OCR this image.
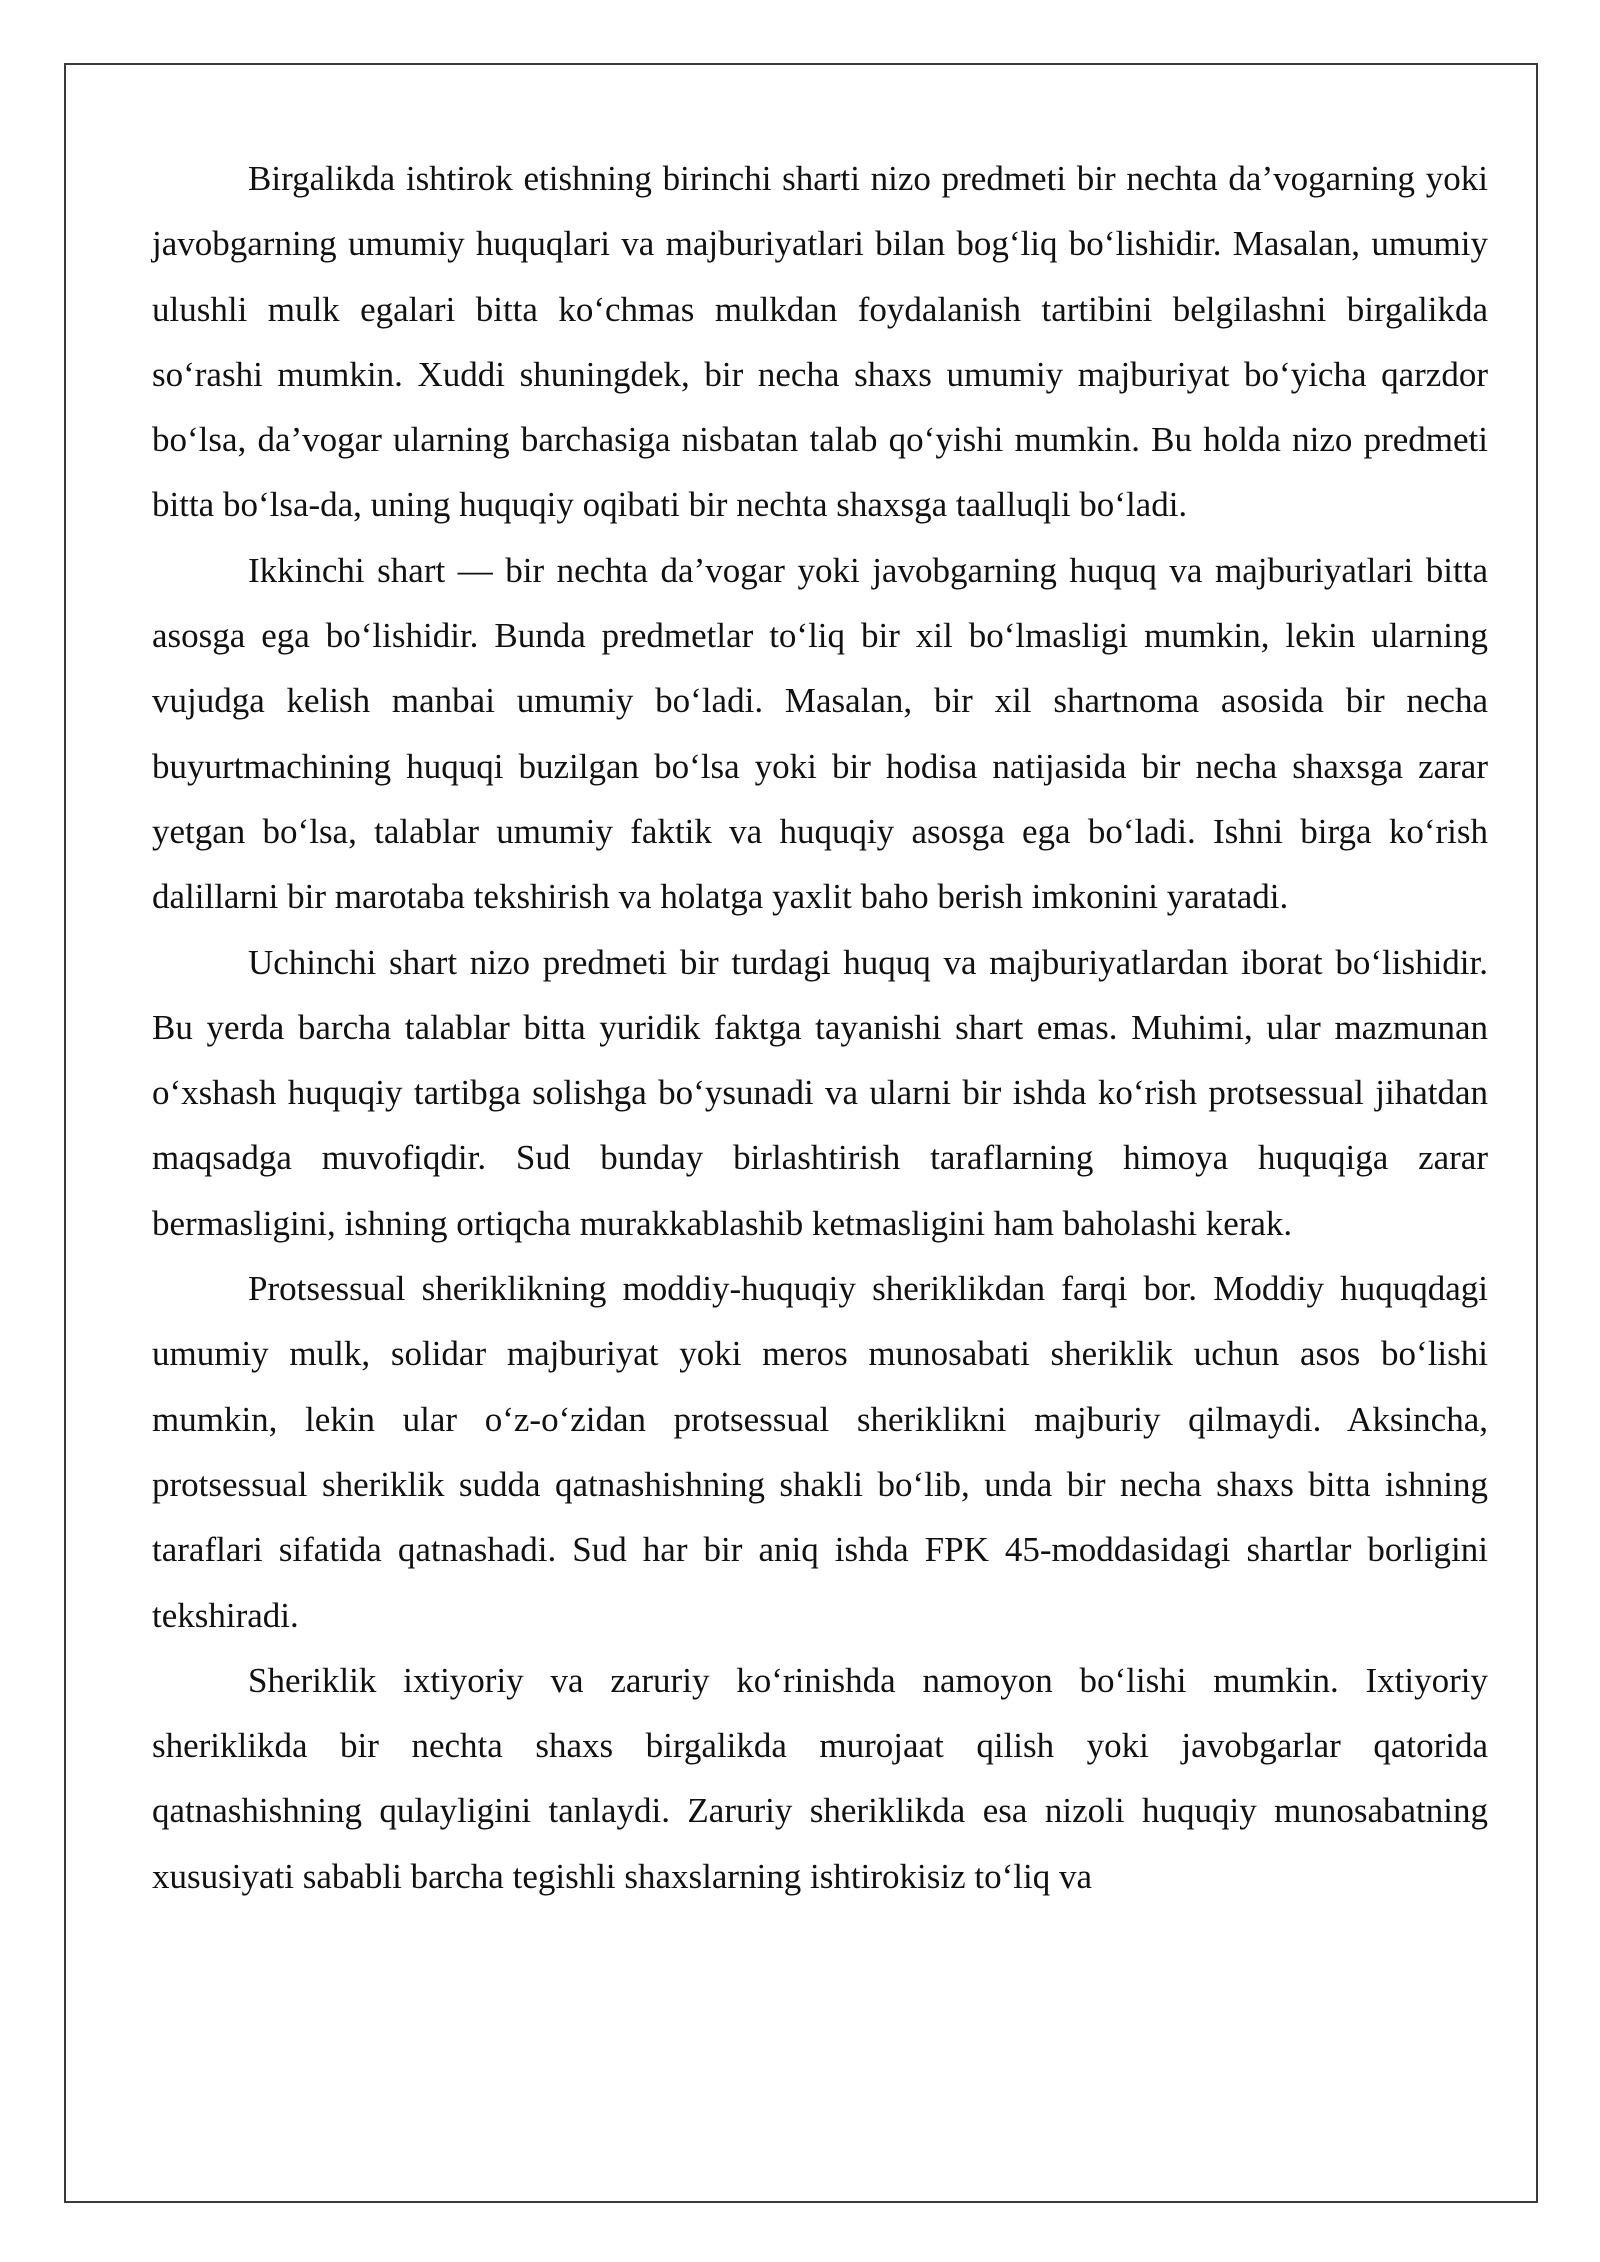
Birgalikda ishtirok etishning birinchi sharti nizo predmeti bir nechta da’vogarning yoki javobgarning umumiy huquqlari va majburiyatlari bilan bog‘liq bo‘lishidir. Masalan, umumiy ulushli mulk egalari bitta ko‘chmas mulkdan foydalanish tartibini belgilashni birgalikda so‘rashi mumkin. Xuddi shuningdek, bir necha shaxs umumiy majburiyat bo‘yicha qarzdor bo‘lsa, da’vogar ularning barchasiga nisbatan talab qo‘yishi mumkin. Bu holda nizo predmeti bitta bo‘lsa-da, uning huquqiy oqibati bir nechta shaxsga taalluqli bo‘ladi.

Ikkinchi shart — bir nechta da’vogar yoki javobgarning huquq va majburiyatlari bitta asosga ega bo‘lishidir. Bunda predmetlar to‘liq bir xil bo‘lmasligi mumkin, lekin ularning vujudga kelish manbai umumiy bo‘ladi. Masalan, bir xil shartnoma asosida bir necha buyurtmachining huquqi buzilgan bo‘lsa yoki bir hodisa natijasida bir necha shaxsga zarar yetgan bo‘lsa, talablar umumiy faktik va huquqiy asosga ega bo‘ladi. Ishni birga ko‘rish dalillarni bir marotaba tekshirish va holatga yaxlit baho berish imkonini yaratadi.

Uchinchi shart nizo predmeti bir turdagi huquq va majburiyatlardan iborat bo‘lishidir. Bu yerda barcha talablar bitta yuridik faktga tayanishi shart emas. Muhimi, ular mazmunan o‘xshash huquqiy tartibga solishga bo‘ysunadi va ularni bir ishda ko‘rish protsessual jihatdan maqsadga muvofiqdir. Sud bunday birlashtirish taraflarning himoya huquqiga zarar bermasligini, ishning ortiqcha murakkablashib ketmasligini ham baholashi kerak.

Protsessual sheriklikning moddiy-huquqiy sheriklikdan farqi bor. Moddiy huquqdagi umumiy mulk, solidar majburiyat yoki meros munosabati sheriklik uchun asos bo‘lishi mumkin, lekin ular o‘z-o‘zidan protsessual sheriklikni majburiy qilmaydi. Aksincha, protsessual sheriklik sudda qatnashishning shakli bo‘lib, unda bir necha shaxs bitta ishning taraflari sifatida qatnashadi. Sud har bir aniq ishda FPK 45-moddasidagi shartlar borligini tekshiradi.

Sheriklik ixtiyoriy va zaruriy ko‘rinishda namoyon bo‘lishi mumkin. Ixtiyoriy sheriklikda bir nechta shaxs birgalikda murojaat qilish yoki javobgarlar qatorida qatnashishning qulayligini tanlaydi. Zaruriy sheriklikda esa nizoli huquqiy munosabatning xususiyati sababli barcha tegishli shaxslarning ishtirokisiz to‘liq va
